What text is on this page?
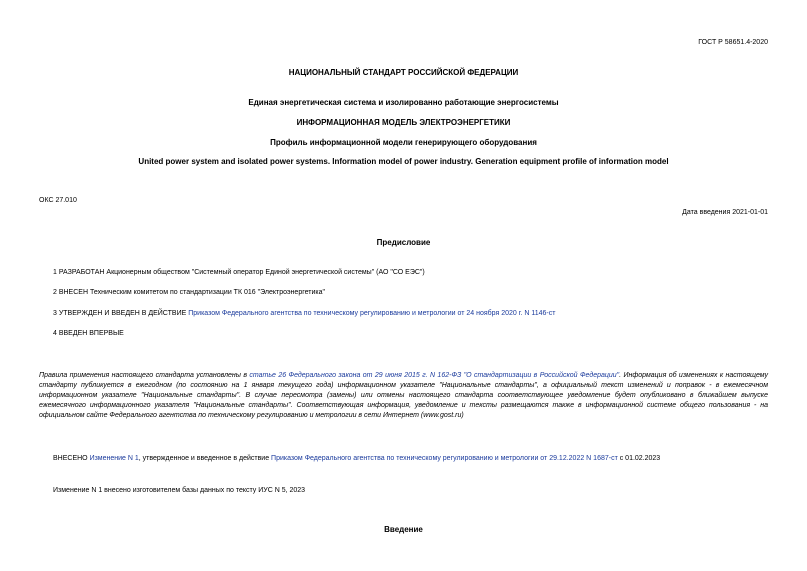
ГОСТ Р 58651.4-2020
НАЦИОНАЛЬНЫЙ СТАНДАРТ РОССИЙСКОЙ ФЕДЕРАЦИИ
Единая энергетическая система и изолированно работающие энергосистемы
ИНФОРМАЦИОННАЯ МОДЕЛЬ ЭЛЕКТРОЭНЕРГЕТИКИ
Профиль информационной модели генерирующего оборудования
United power system and isolated power systems. Information model of power industry. Generation equipment profile of information model
ОКС 27.010
Дата введения 2021-01-01
Предисловие
1 РАЗРАБОТАН Акционерным обществом "Системный оператор Единой энергетической системы" (АО "СО ЕЭС")
2 ВНЕСЕН Техническим комитетом по стандартизации ТК 016 "Электроэнергетика"
3 УТВЕРЖДЕН И ВВЕДЕН В ДЕЙСТВИЕ Приказом Федерального агентства по техническому регулированию и метрологии от 24 ноября 2020 г. N 1146-ст
4 ВВЕДЕН ВПЕРВЫЕ
Правила применения настоящего стандарта установлены в статье 26 Федерального закона от 29 июня 2015 г. N 162-ФЗ "О стандартизации в Российской Федерации". Информация об изменениях к настоящему стандарту публикуется в ежегодном (по состоянию на 1 января текущего года) информационном указателе "Национальные стандарты", а официальный текст изменений и поправок - в ежемесячном информационном указателе "Национальные стандарты". В случае пересмотра (замены) или отмены настоящего стандарта соответствующее уведомление будет опубликовано в ближайшем выпуске ежемесячного информационного указателя "Национальные стандарты". Соответствующая информация, уведомление и тексты размещаются также в информационной системе общего пользования - на официальном сайте Федерального агентства по техническому регулированию и метрологии в сети Интернет (www.gost.ru)
ВНЕСЕНО Изменение N 1, утвержденное и введенное в действие Приказом Федерального агентства по техническому регулированию и метрологии от 29.12.2022 N 1687-ст с 01.02.2023
Изменение N 1 внесено изготовителем базы данных по тексту ИУС N 5, 2023
Введение
